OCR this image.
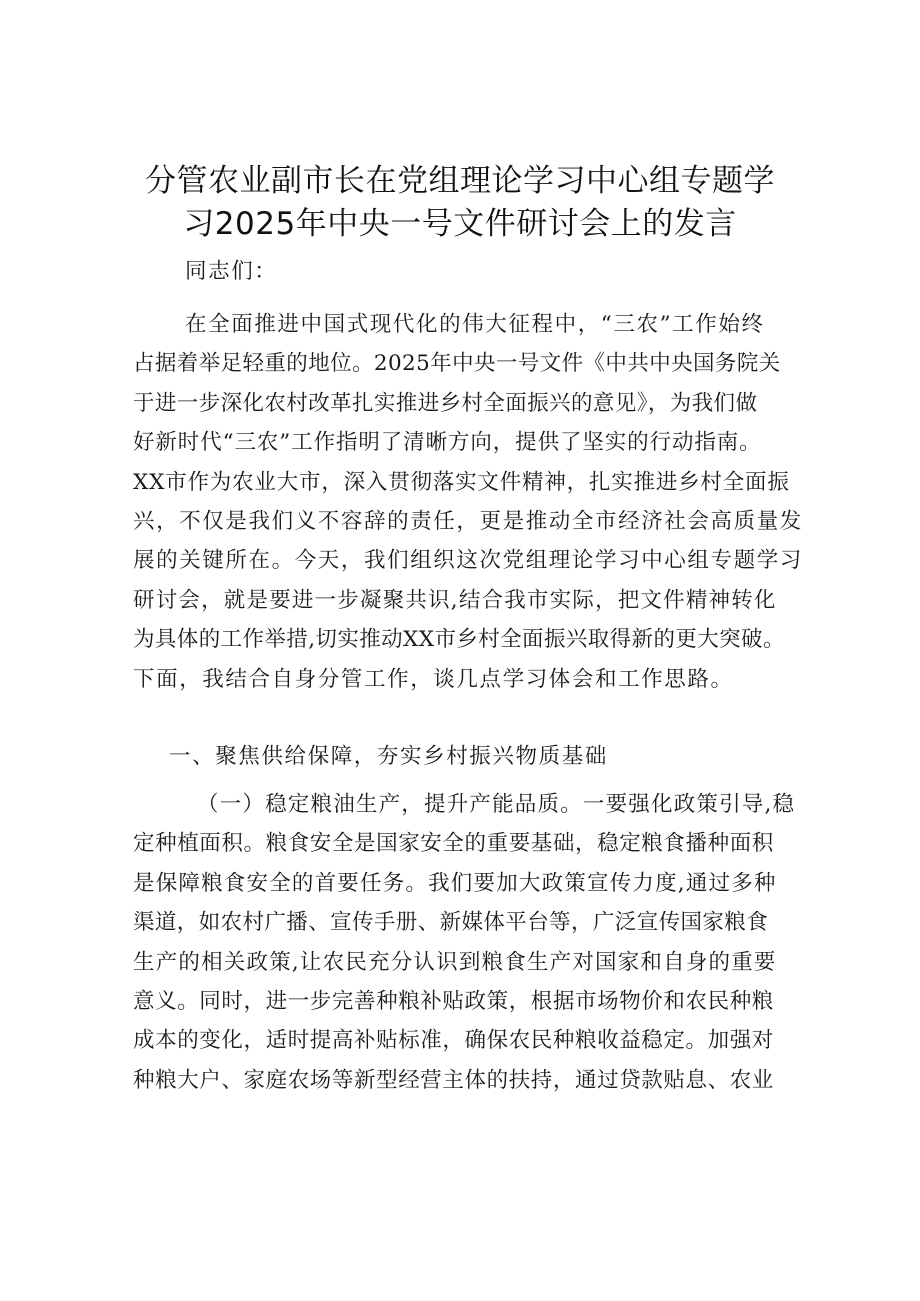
分管农业副市长在党组理论学习中心组专题学
习2025年中央一号文件研讨会上的发言

同志们：

在全面推进中国式现代化的伟大征程中，“三农”工作始终
占据着举足轻重的地位。2025年中央一号文件《中共中央国务院关
于进一步深化农村改革扎实推进乡村全面振兴的意见》，为我们做
好新时代“三农”工作指明了清晰方向，提供了坚实的行动指南。
XX市作为农业大市，深入贯彻落实文件精神，扎实推进乡村全面振
兴，不仅是我们义不容辞的责任，更是推动全市经济社会高质量发
展的关键所在。今天，我们组织这次党组理论学习中心组专题学习
研讨会，就是要进一步凝聚共识,结合我市实际，把文件精神转化
为具体的工作举措,切实推动XX市乡村全面振兴取得新的更大突破。
下面，我结合自身分管工作，谈几点学习体会和工作思路。

一、聚焦供给保障，夯实乡村振兴物质基础

（一）稳定粮油生产，提升产能品质。一要强化政策引导,稳
定种植面积。粮食安全是国家安全的重要基础，稳定粮食播种面积
是保障粮食安全的首要任务。我们要加大政策宣传力度,通过多种
渠道，如农村广播、宣传手册、新媒体平台等，广泛宣传国家粮食
生产的相关政策,让农民充分认识到粮食生产对国家和自身的重要
意义。同时，进一步完善种粮补贴政策，根据市场物价和农民种粮
成本的变化，适时提高补贴标准，确保农民种粮收益稳定。加强对
种粮大户、家庭农场等新型经营主体的扶持，通过贷款贴息、农业
